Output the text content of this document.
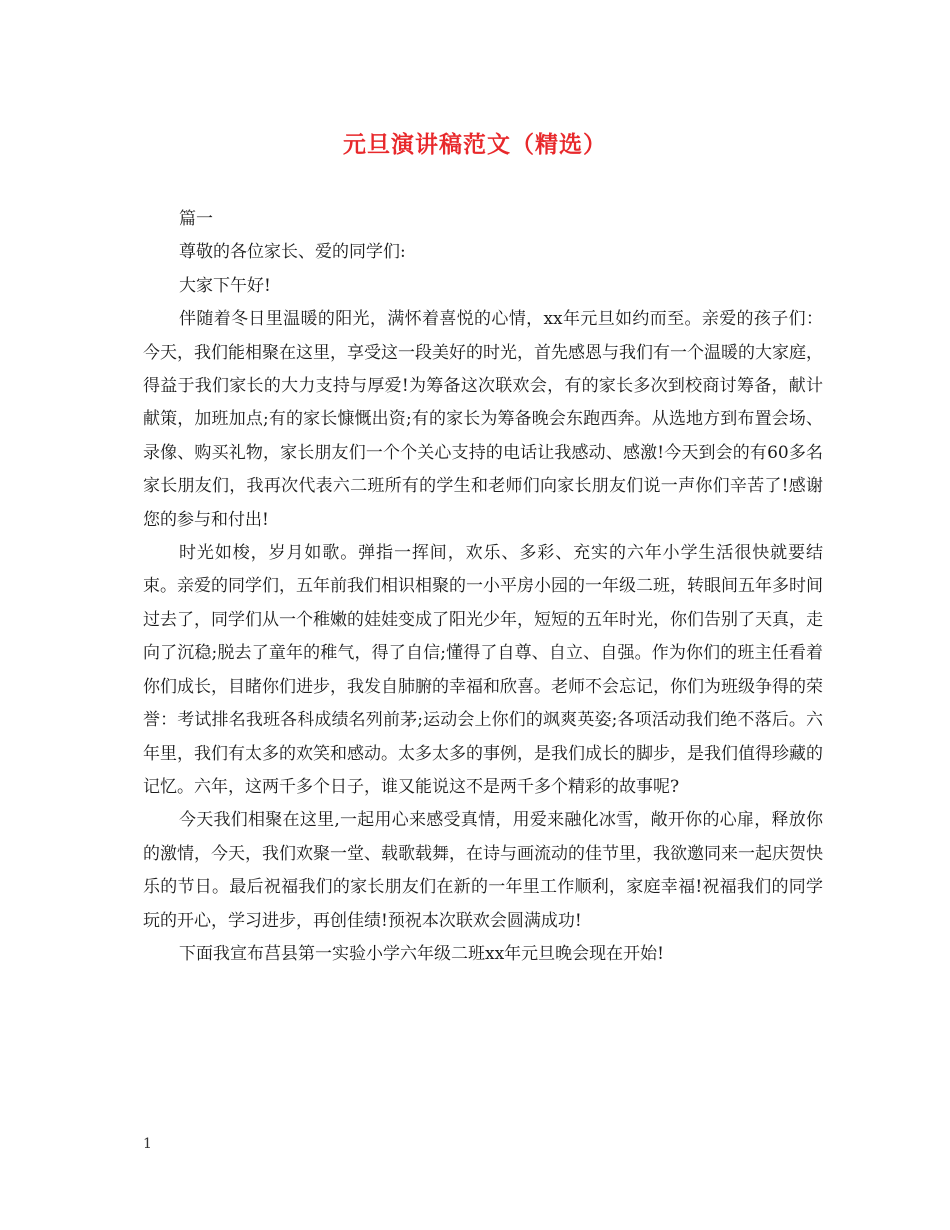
元旦演讲稿范文（精选）

篇一

尊敬的各位家长、爱的同学们:

大家下午好!

伴随着冬日里温暖的阳光，满怀着喜悦的心情，xx年元旦如约而至。亲爱的孩子们：今天，我们能相聚在这里，享受这一段美好的时光，首先感恩与我们有一个温暖的大家庭，得益于我们家长的大力支持与厚爱!为筹备这次联欢会，有的家长多次到校商讨筹备，献计献策，加班加点;有的家长慷慨出资;有的家长为筹备晚会东跑西奔。从选地方到布置会场、录像、购买礼物，家长朋友们一个个关心支持的电话让我感动、感激!今天到会的有60多名家长朋友们，我再次代表六二班所有的学生和老师们向家长朋友们说一声你们辛苦了!感谢您的参与和付出!

时光如梭，岁月如歌。弹指一挥间，欢乐、多彩、充实的六年小学生活很快就要结束。亲爱的同学们，五年前我们相识相聚的一小平房小园的一年级二班，转眼间五年多时间过去了，同学们从一个稚嫩的娃娃变成了阳光少年，短短的五年时光，你们告别了天真，走向了沉稳;脱去了童年的稚气，得了自信;懂得了自尊、自立、自强。作为你们的班主任看着你们成长，目睹你们进步，我发自肺腑的幸福和欣喜。老师不会忘记，你们为班级争得的荣誉：考试排名我班各科成绩名列前茅;运动会上你们的飒爽英姿;各项活动我们绝不落后。六年里，我们有太多的欢笑和感动。太多太多的事例，是我们成长的脚步，是我们值得珍藏的记忆。六年，这两千多个日子，谁又能说这不是两千多个精彩的故事呢?

今天我们相聚在这里,一起用心来感受真情，用爱来融化冰雪，敞开你的心扉，释放你的激情，今天，我们欢聚一堂、载歌载舞，在诗与画流动的佳节里，我欲邀同来一起庆贺快乐的节日。最后祝福我们的家长朋友们在新的一年里工作顺利，家庭幸福!祝福我们的同学玩的开心，学习进步，再创佳绩!预祝本次联欢会圆满成功!

下面我宣布莒县第一实验小学六年级二班xx年元旦晚会现在开始!

1
